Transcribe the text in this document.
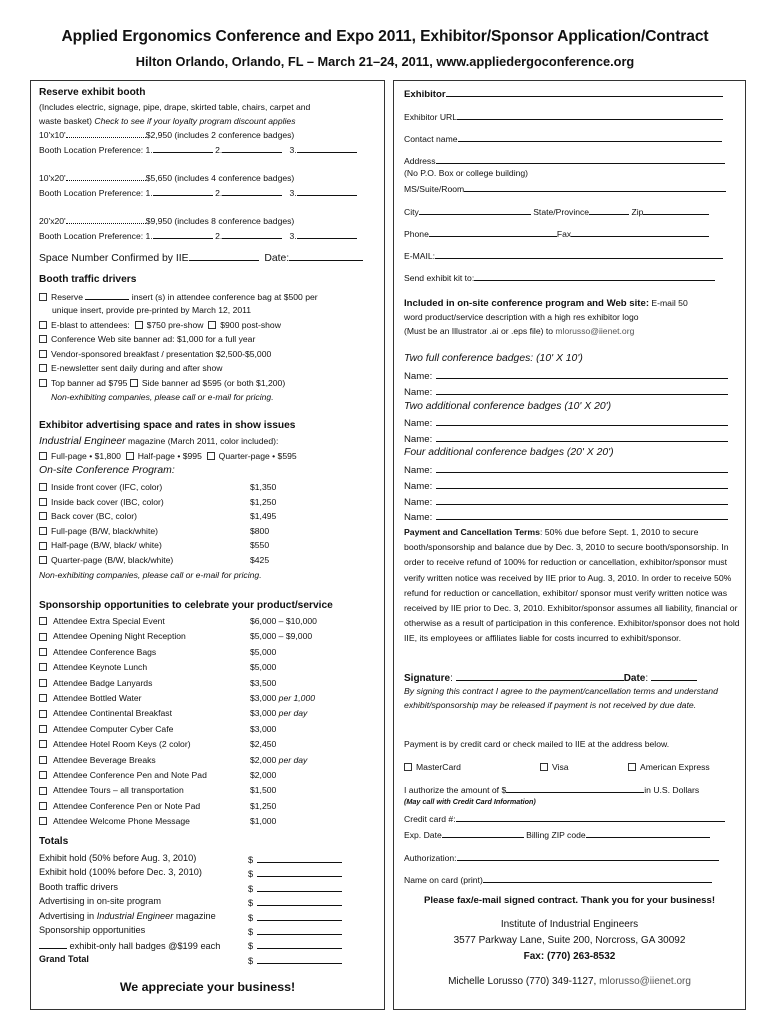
Applied Ergonomics Conference and Expo 2011, Exhibitor/Sponsor Application/Contract
Hilton Orlando, Orlando, FL – March 21–24, 2011, www.appliedergoconference.org
Reserve exhibit booth
(Includes electric, signage, pipe, drape, skirted table, chairs, carpet and
waste basket) Check to see if your loyalty program discount applies
10'x10'	$2,950 (includes 2 conference badges)
Booth Location Preference: 1.	2.	3.
10'x20'	$5,650 (includes 4 conference badges)
Booth Location Preference: 1.	2.	3.
20'x20'	$9,950 (includes 8 conference badges)
Booth Location Preference: 1.	2.	3.
Space Number Confirmed by IIE	Date:
Booth traffic drivers
Reserve	insert (s) in attendee conference bag at $500 per
unique insert, provide pre-printed by March 12, 2011
E-blast to attendees: $750 pre-show $900 post-show
Conference Web site banner ad: $1,000 for a full year
Vendor-sponsored breakfast / presentation $2,500-$5,000
E-newsletter sent daily during and after show
Top banner ad $795 Side banner ad $595 (or both $1,200)
Non-exhibiting companies, please call or e-mail for pricing.
Exhibitor advertising space and rates in show issues
Industrial Engineer magazine (March 2011, color included):
Full-page • $1,800 Half-page • $995 Quarter-page • $595
On-site Conference Program:
Inside front cover (IFC, color)	$1,350
Inside back cover (IBC, color)	$1,250
Back cover (BC, color)	$1,495
Full-page (B/W, black/white)	$800
Half-page (B/W, black/ white)	$550
Quarter-page (B/W, black/white)	$425
Non-exhibiting companies, please call or e-mail for pricing.
Sponsorship opportunities to celebrate your product/service
Attendee Extra Special Event	$6,000 – $10,000
Attendee Opening Night Reception	$5,000 – $9,000
Attendee Conference Bags	$5,000
Attendee Keynote Lunch	$5,000
Attendee Badge Lanyards	$3,500
Attendee Bottled Water	$3,000 per 1,000
Attendee Continental Breakfast	$3,000 per day
Attendee Computer Cyber Cafe	$3,000
Attendee Hotel Room Keys (2 color)	$2,450
Attendee Beverage Breaks	$2,000 per day
Attendee Conference Pen and Note Pad	$2,000
Attendee Tours – all transportation	$1,500
Attendee Conference Pen or Note Pad	$1,250
Attendee Welcome Phone Message	$1,000
Totals
Exhibit hold (50% before Aug. 3, 2010)	$
Exhibit hold (100% before Dec. 3, 2010)	$
Booth traffic drivers	$
Advertising in on-site program	$
Advertising in Industrial Engineer magazine	$
Sponsorship opportunities	$
exhibit-only hall badges @$199 each	$
Grand Total	$
We appreciate your business!
Exhibitor
Exhibitor URL
Contact name
Address
(No P.O. Box or college building)
MS/Suite/Room
City	State/Province	Zip
Phone	Fax
E-MAIL:
Send exhibit kit to:
Included in on-site conference program and Web site: E-mail 50
word product/service description with a high res exhibitor logo
(Must be an Illustrator .ai or .eps file) to mlorusso@iienet.org
Two full conference badges: (10' X 10')
Name:
Name:
Two additional conference badges (10' X 20')
Name:
Name:
Four additional conference badges (20' X 20')
Name:
Name:
Name:
Name:
Payment and Cancellation Terms: 50% due before Sept. 1, 2010 to secure booth/sponsorship and balance due by Dec. 3, 2010 to secure booth/sponsorship. In order to receive refund of 100% for reduction or cancellation, exhibitor/sponsor must verify written notice was received by IIE prior to Aug. 3, 2010. In order to receive 50% refund for reduction or cancellation, exhibitor/ sponsor must verify written notice was received by IIE prior to Dec. 3, 2010. Exhibitor/sponsor assumes all liability, financial or otherwise as a result of participation in this conference. Exhibitor/sponsor does not hold IIE, its employees or affiliates liable for costs incurred to exhibit/sponsor.
Signature:	Date:
By signing this contract I agree to the payment/cancellation terms and understand exhibit/sponsorship may be released if payment is not received by due date.
Payment is by credit card or check mailed to IIE at the address below.
MasterCard	Visa	American Express
I authorize the amount of $	in U.S. Dollars
(May call with Credit Card Information)
Credit card #:
Exp. Date	Billing ZIP code
Authorization:
Name on card (print)
Please fax/e-mail signed contract. Thank you for your business!
Institute of Industrial Engineers
3577 Parkway Lane, Suite 200, Norcross, GA 30092
Fax: (770) 263-8532
Michelle Lorusso (770) 349-1127, mlorusso@iienet.org
